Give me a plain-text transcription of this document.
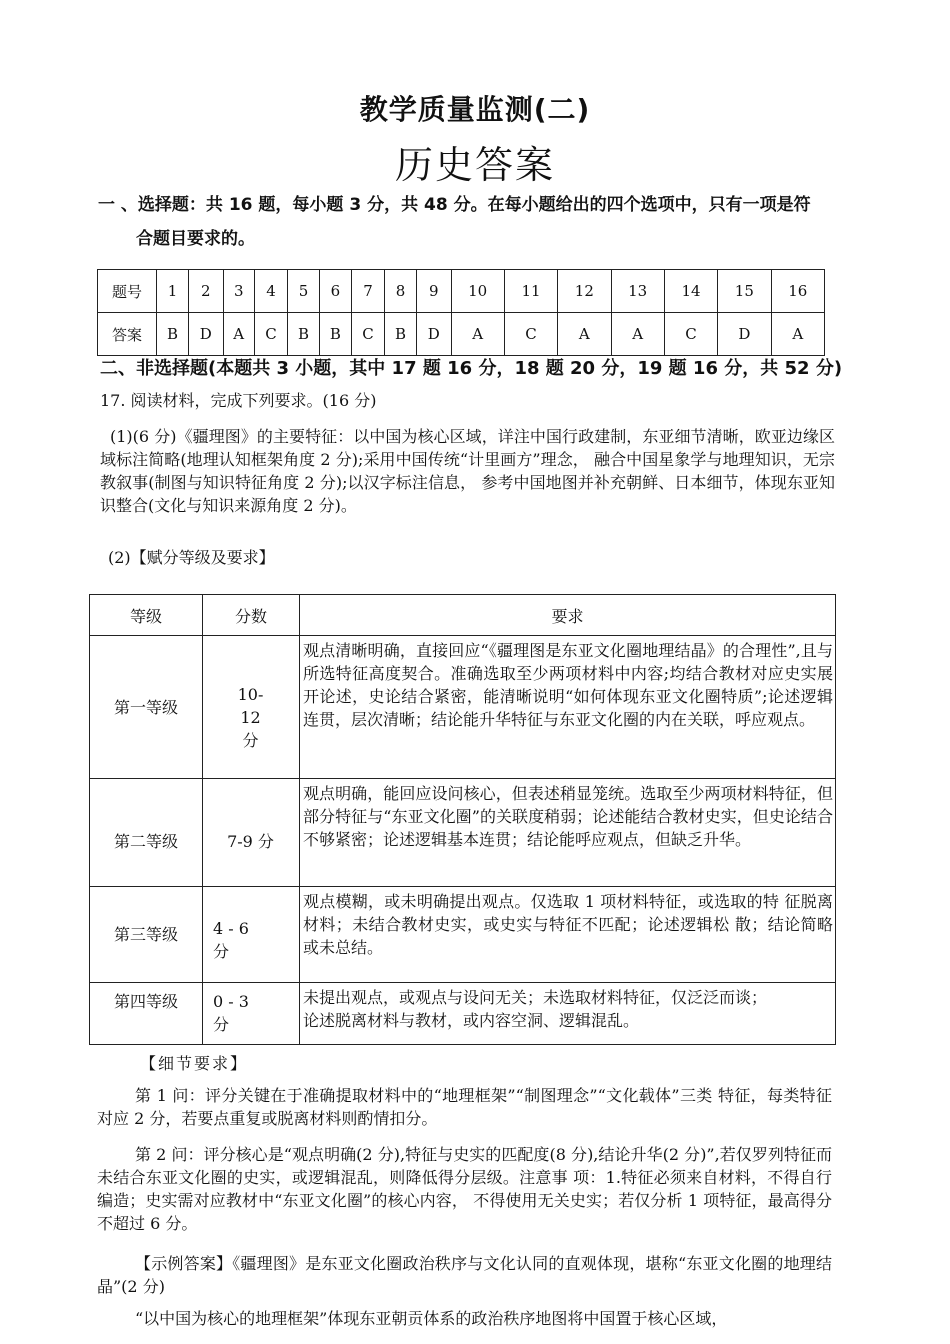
教学质量监测(二)
历史答案
一 、选择题：共 16 题，每小题 3 分，共 48 分。在每小题给出的四个选项中，只有一项是符
合题目要求的。
题号	1	2	3	4	5	6	7	8	9	10	11	12	13	14	15	16
答案	B	D	A	C	B	B	C	B	D	A	C	A	A	C	D	A
二、非选择题(本题共 3 小题，其中 17 题 16 分，18 题 20 分，19 题 16 分，共 52 分)
17. 阅读材料，完成下列要求。(16 分)
(1)(6 分)《疆理图》的主要特征：以中国为核心区域，详注中国行政建制，东亚细节清晰，欧亚边缘区域标注简略(地理认知框架角度 2 分);采用中国传统“计里画方”理念， 融合中国星象学与地理知识，无宗教叙事(制图与知识特征角度 2 分);以汉字标注信息， 参考中国地图并补充朝鲜、日本细节，体现东亚知识整合(文化与知识来源角度 2 分)。
(2)【赋分等级及要求】
等级	分数	要求
第一等级	10-
12
分	观点清晰明确，直接回应“《疆理图是东亚文化圈地理结晶》的合理性”,且与所选特征高度契合。准确选取至少两项材料中内容;均结合教材对应史实展开论述，史论结合紧密，能清晰说明“如何体现东亚文化圈特质”;论述逻辑连贯，层次清晰；结论能升华特征与东亚文化圈的内在关联，呼应观点。

第二等级	7-9 分	观点明确，能回应设问核心，但表述稍显笼统。选取至少两项材料特征，但部分特征与“东亚文化圈”的关联度稍弱；论述能结合教材史实，但史论结合不够紧密；论述逻辑基本连贯；结论能呼应观点，但缺乏升华。
第三等级	4 - 6
分	观点模糊，或未明确提出观点。仅选取 1 项材料特征，或选取的特 征脱离材料；未结合教材史实，或史实与特征不匹配；论述逻辑松 散；结论简略或未总结。

第四等级	0 - 3
分	未提出观点，或观点与设问无关；未选取材料特征，仅泛泛而谈；
论述脱离材料与教材，或内容空洞、逻辑混乱。
【细节要求】
第 1 问：评分关键在于准确提取材料中的“地理框架”“制图理念”“文化载体”三类 特征，每类特征对应 2 分，若要点重复或脱离材料则酌情扣分。
第 2 问：评分核心是“观点明确(2 分),特征与史实的匹配度(8 分),结论升华(2 分)”,若仅罗列特征而未结合东亚文化圈的史实，或逻辑混乱，则降低得分层级。注意事 项：1.特征必须来自材料，不得自行编造；史实需对应教材中“东亚文化圈”的核心内容， 不得使用无关史实；若仅分析 1 项特征，最高得分不超过 6 分。
【示例答案】《疆理图》是东亚文化圈政治秩序与文化认同的直观体现，堪称“东亚文化圈的地理结晶”(2 分)
“以中国为核心的地理框架”体现东亚朝贡体系的政治秩序地图将中国置于核心区域，
